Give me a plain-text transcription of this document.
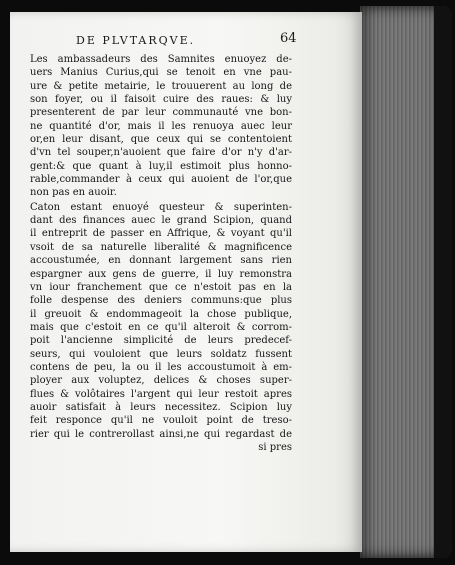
DE PLVTARQVE.	64
Les ambassadeurs des Samnites enuoyez de-
uers Manius Curius,qui se tenoit en vne pau-
ure & petite metairie, le trouuerent au long de
son foyer, ou il faisoit cuire des raues: & luy
presenterent de par leur communauté vne bon-
ne quantité d'or, mais il les renuoya auec leur
or,en leur disant, que ceux qui se contentoient
d'vn tel souper,n'auoient que faire d'or n'y d'ar-
gent:& que quant à luy,il estimoit plus honno-
rable,commander à ceux qui auoient de l'or,que
non pas en auoir.
Caton estant enuoyé questeur & superinten-
dant des finances auec le grand Scipion, quand
il entreprit de passer en Affrique, & voyant qu'il
vsoit de sa naturelle liberalité & magnificence
accoustumée, en donnant largement sans rien
espargner aux gens de guerre, il luy remonstra
vn iour franchement que ce n'estoit pas en la
folle despense des deniers communs:que plus
il greuoit & endommageoit la chose publique,
mais que c'estoit en ce qu'il alteroit & corrom-
poit l'ancienne simplicité de leurs predecef-
seurs, qui vouloient que leurs soldatz fussent
contens de peu, la ou il les accoustumoit à em-
ployer aux voluptez, delices & choses super-
flues & volôtaires l'argent qui leur restoit apres
auoir satisfait à leurs necessitez. Scipion luy
feit responce qu'il ne vouloit point de treso-
rier qui le contrerollast ainsi,ne qui regardast de
si pres
